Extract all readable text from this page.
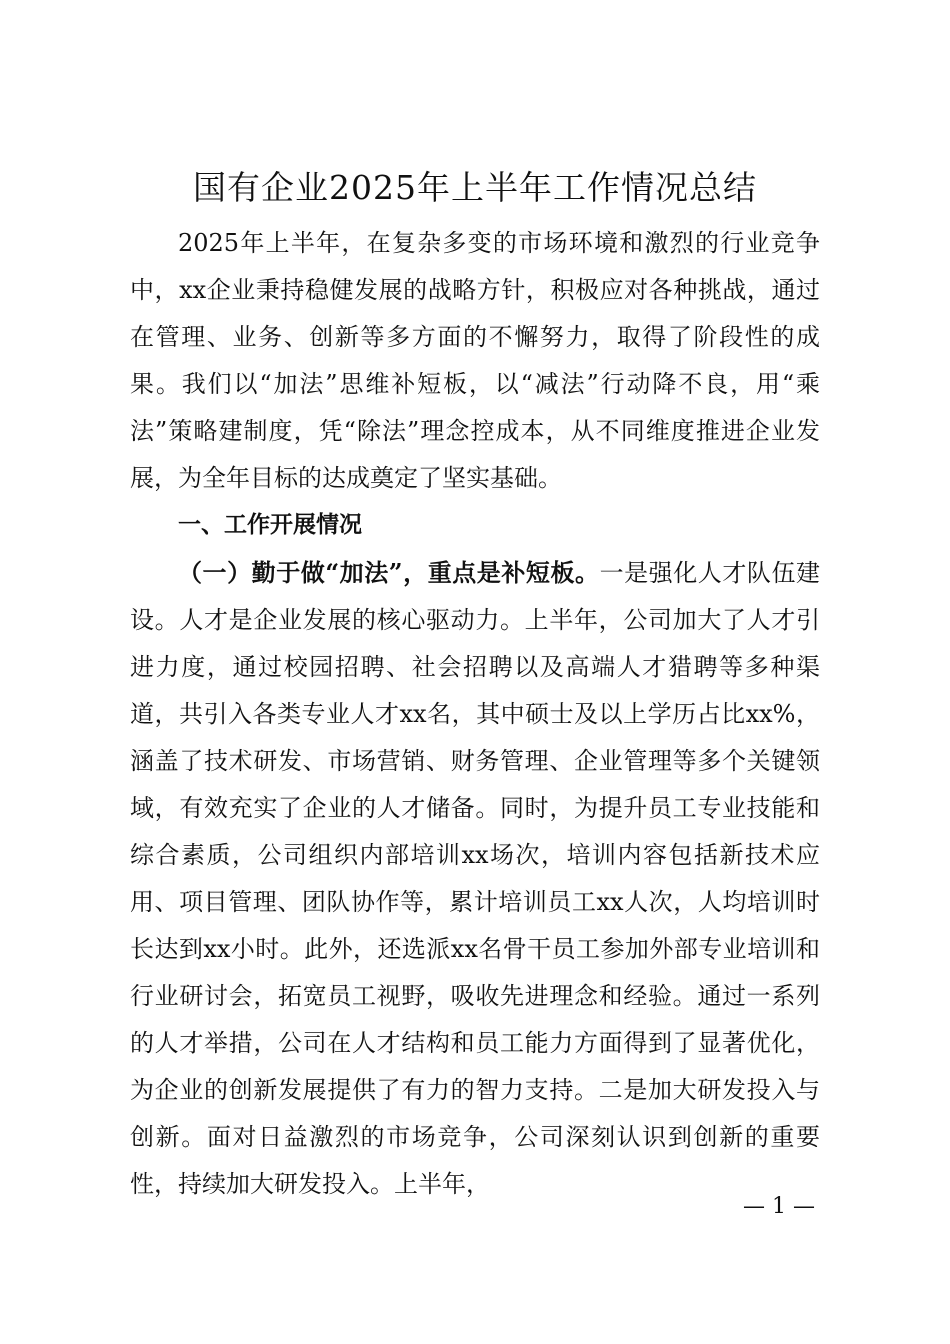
国有企业2025年上半年工作情况总结

2025年上半年，在复杂多变的市场环境和激烈的行业竞争中，xx企业秉持稳健发展的战略方针，积极应对各种挑战，通过在管理、业务、创新等多方面的不懈努力，取得了阶段性的成果。我们以“加法”思维补短板，以“减法”行动降不良，用“乘法”策略建制度，凭“除法”理念控成本，从不同维度推进企业发展，为全年目标的达成奠定了坚实基础。

一、工作开展情况

（一）勤于做“加法”，重点是补短板。一是强化人才队伍建设。人才是企业发展的核心驱动力。上半年，公司加大了人才引进力度，通过校园招聘、社会招聘以及高端人才猎聘等多种渠道，共引入各类专业人才xx名，其中硕士及以上学历占比xx%，涵盖了技术研发、市场营销、财务管理、企业管理等多个关键领域，有效充实了企业的人才储备。同时，为提升员工专业技能和综合素质，公司组织内部培训xx场次，培训内容包括新技术应用、项目管理、团队协作等，累计培训员工xx人次，人均培训时长达到xx小时。此外，还选派xx名骨干员工参加外部专业培训和行业研讨会，拓宽员工视野，吸收先进理念和经验。通过一系列的人才举措，公司在人才结构和员工能力方面得到了显著优化，为企业的创新发展提供了有力的智力支持。二是加大研发投入与创新。面对日益激烈的市场竞争，公司深刻认识到创新的重要性，持续加大研发投入。上半年，

— 1 —
